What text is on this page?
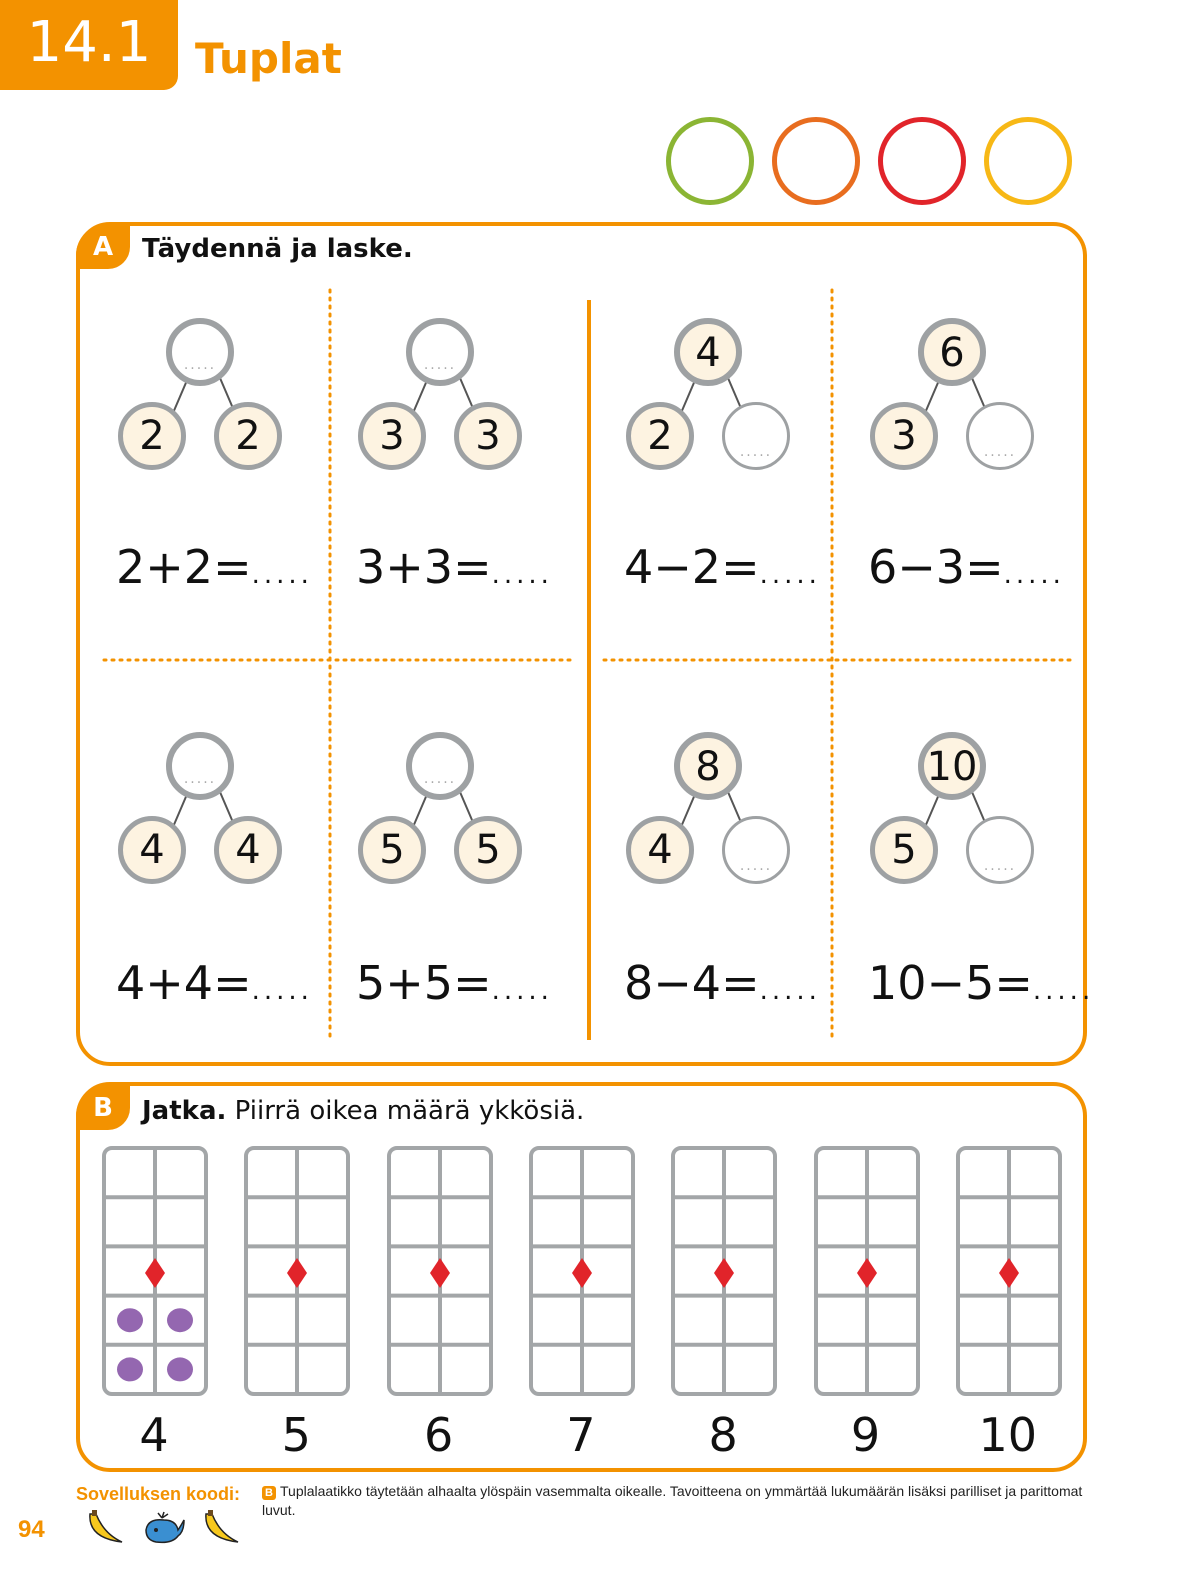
14.1	Tuplat
A	Täydennä ja laske.
.....
2	2
2+2=.....
.....
3	3
3+3=.....
4
2
.....
4−2=.....
6
3
.....
6−3=.....
.....
4	4
4+4=.....
.....
5	5
5+5=.....
8
4
.....
8−4=.....
10
5
.....
10−5=.....
B	Jatka. Piirrä oikea määrä ykkösiä.
4	5	6	7	8	9	10
Sovelluksen koodi:
94
B Tuplalaatikko täytetään alhaalta ylöspäin vasemmalta oikealle. Tavoitteena on ymmärtää lukumäärän lisäksi parilliset ja parittomat luvut.
